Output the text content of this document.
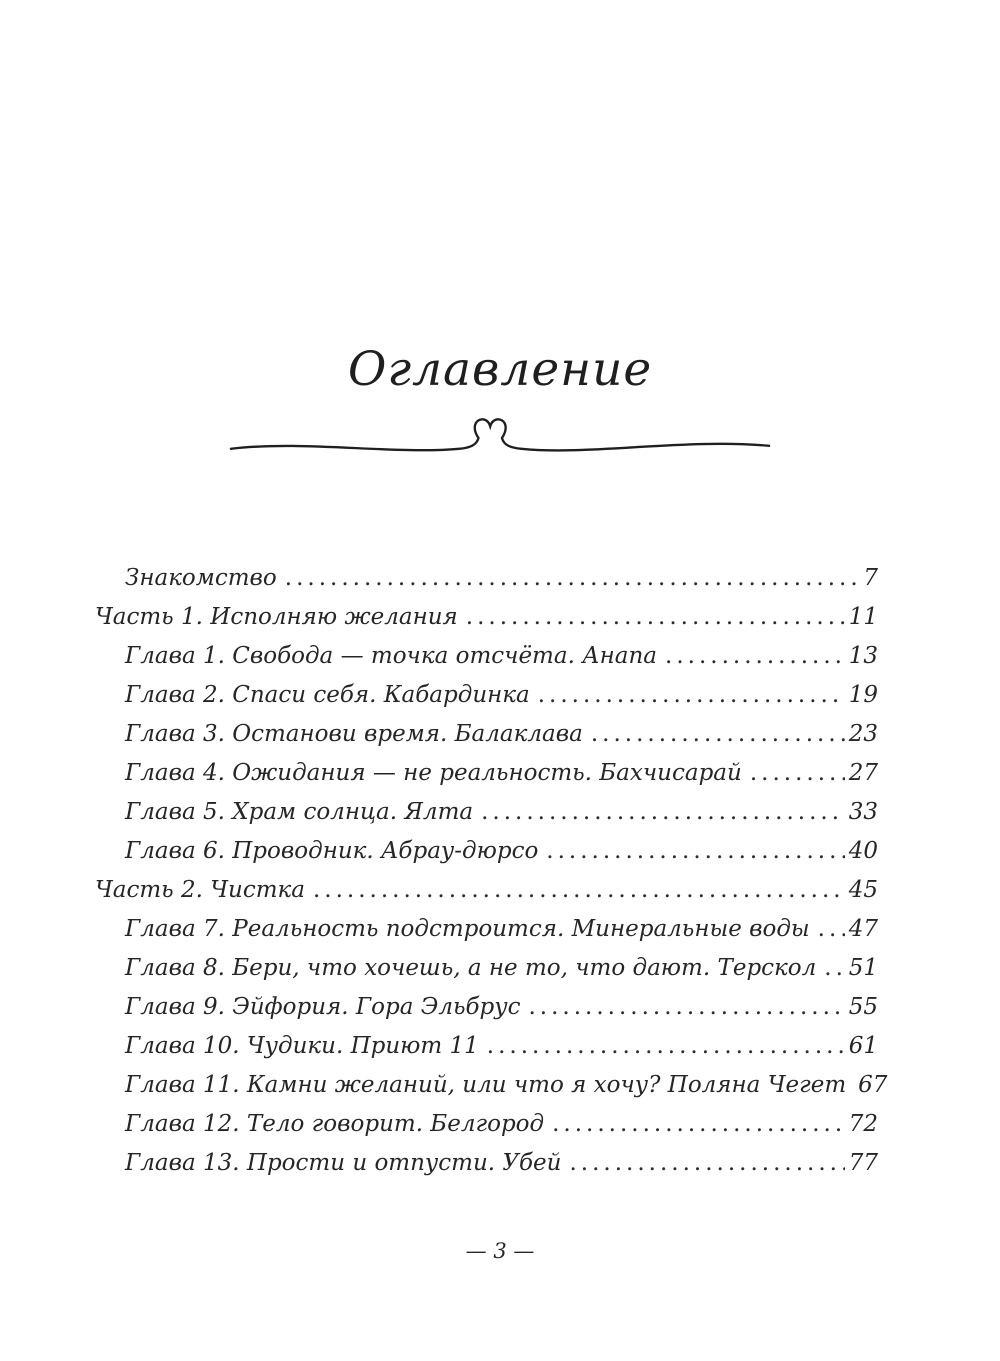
Оглавление
Знакомство .....	7
Часть 1. Исполняю желания .....	11
Глава 1. Свобода — точка отсчёта. Анапа .....	13
Глава 2. Спаси себя. Кабардинка .....	19
Глава 3. Останови время. Балаклава .....	23
Глава 4. Ожидания — не реальность. Бахчисарай .....	27
Глава 5. Храм солнца. Ялта .....	33
Глава 6. Проводник. Абрау-дюрсо .....	40
Часть 2. Чистка .....	45
Глава 7. Реальность подстроится. Минеральные воды ..... 47
Глава 8. Бери, что хочешь, а не то, что дают. Терскол ..... 51
Глава 9. Эйфория. Гора Эльбрус .....	55
Глава 10. Чудики. Приют 11 .....	61
Глава 11. Камни желаний, или что я хочу? Поляна Чегет 67
Глава 12. Тело говорит. Белгород .....	72
Глава 13. Прости и отпусти. Убей .....	77
— 3 —
